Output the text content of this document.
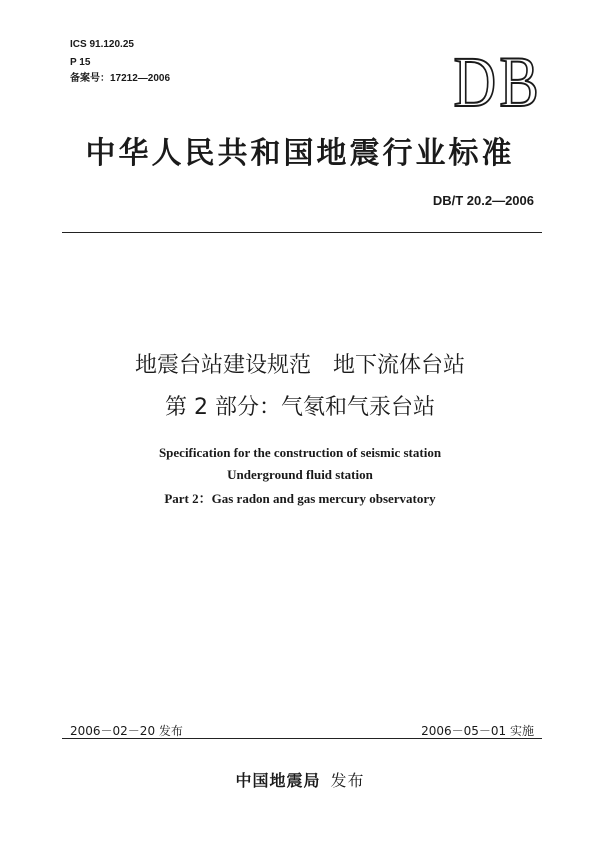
ICS 91.120.25
P 15
备案号：17212—2006	DB
中华人民共和国地震行业标准
DB/T 20.2—2006
地震台站建设规范　地下流体台站
第 2 部分：气氡和气汞台站
Specification for the construction of seismic station
Underground fluid station
Part 2：Gas radon and gas mercury observatory
2006－02－20 发布	2006－05－01 实施
中国地震局 发布
